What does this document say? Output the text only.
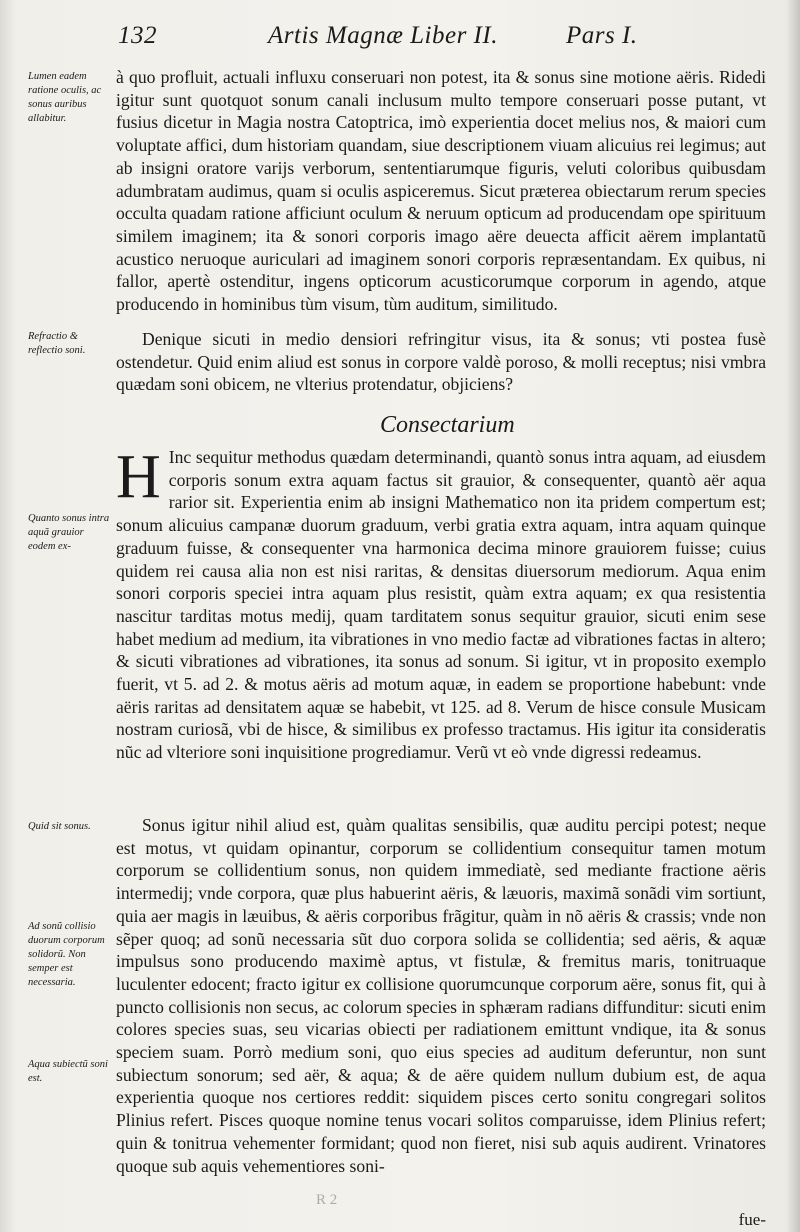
132	Artis Magnæ Liber II.	Pars I.
Lumen eadem ratione oculis, ac sonus auribus allabitur.
Refractio & reflectio soni.
Quanto sonus intra aquã grauior eodem ex-
Quid sit sonus.
Ad sonũ collisio duorum corporum solidorũ. Non semper est necessaria.
Aqua subiectũ soni est.
à quo profluit, actuali influxu conseruari non potest, ita & sonus sine motione aëris. Ridedi igitur sunt quotquot sonum canali inclusum multo tempore conseruari posse putant, vt fusius dicetur in Magia nostra Catoptrica, imò experientia docet melius nos, & maiori cum voluptate affici, dum historiam quandam, siue descriptionem viuam alicuius rei legimus; aut ab insigni oratore varijs verborum, sententiarumque figuris, veluti coloribus quibusdam adumbratam audimus, quam si oculis aspiceremus. Sicut præterea obiectarum rerum species occulta quadam ratione afficiunt oculum & neruum opticum ad producendam ope spirituum similem imaginem; ita & sonori corporis imago aëre deuecta afficit aërem implantatũ acustico neruoque auriculari ad imaginem sonori corporis repræsentandam. Ex quibus, ni fallor, apertè ostenditur, ingens opticorum acusticorumque corporum in agendo, atque producendo in hominibus tùm visum, tùm auditum, similitudo.
Denique sicuti in medio densiori refringitur visus, ita & sonus; vti postea fusè ostendetur. Quid enim aliud est sonus in corpore valdè poroso, & molli receptus; nisi vmbra quædam soni obicem, ne vlterius protendatur, objiciens?
Consectarium
H Inc sequitur methodus quædam determinandi, quantò sonus intra aquam, ad eiusdem corporis sonum extra aquam factus sit grauior, & consequenter, quantò aër aqua rarior sit. Experientia enim ab insigni Mathematico non ita pridem compertum est; sonum alicuius campanæ duorum graduum, verbi gratia extra aquam, intra aquam quinque graduum fuisse, & consequenter vna harmonica decima minore grauiorem fuisse; cuius quidem rei causa alia non est nisi raritas, & densitas diuersorum mediorum. Aqua enim sonori corporis speciei intra aquam plus resistit, quàm extra aquam; ex qua resistentia nascitur tarditas motus medij, quam tarditatem sonus sequitur grauior, sicuti enim sese habet medium ad medium, ita vibrationes in vno medio factæ ad vibrationes factas in altero; & sicuti vibrationes ad vibrationes, ita sonus ad sonum. Si igitur, vt in proposito exemplo fuerit, vt 5. ad 2. & motus aëris ad motum aquæ, in eadem se proportione habebunt: vnde aëris raritas ad densitatem aquæ se habebit, vt 125. ad 8. Verum de hisce consule Musicam nostram curiosã, vbi de hisce, & similibus ex professo tractamus. His igitur ita consideratis nũc ad vlteriore soni inquisitione progrediamur. Verũ vt eò vnde digressi redeamus.
Sonus igitur nihil aliud est, quàm qualitas sensibilis, quæ auditu percipi potest; neque est motus, vt quidam opinantur, corporum se collidentium consequitur tamen motum corporum se collidentium sonus, non quidem immediatè, sed mediante fractione aëris intermedij; vnde corpora, quæ plus habuerint aëris, & læuoris, maximã sonãdi vim sortiunt, quia aer magis in læuibus, & aëris corporibus frãgitur, quàm in nõ aëris & crassis; vnde non sẽper quoq; ad sonũ necessaria sũt duo corpora solida se collidentia; sed aëris, & aquæ impulsus sono producendo maximè aptus, vt fistulæ, & fremitus maris, tonitruaque luculenter edocent; fracto igitur ex collisione quorumcunque corporum aëre, sonus fit, qui à puncto collisionis non secus, ac colorum species in sphæram radians diffunditur: sicuti enim colores species suas, seu vicarias obiecti per radiationem emittunt vndique, ita & sonus speciem suam. Porrò medium soni, quo eius species ad auditum deferuntur, non sunt subiectum sonorum; sed aër, & aqua; & de aëre quidem nullum dubium est, de aqua experientia quoque nos certiores reddit: siquidem pisces certo sonitu congregari solitos Plinius refert. Pisces quoque nomine tenus vocari solitos comparuisse, idem Plinius refert; quin & tonitrua vehementer formidant; quod non fieret, nisi sub aquis audirent. Vrinatores quoque sub aquis vehementiores soni-
R 2
fue-
